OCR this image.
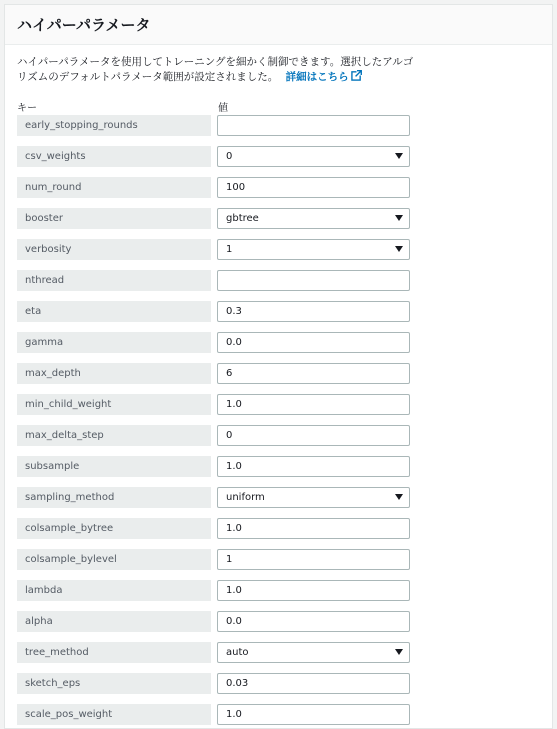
ハイパーパラメータ
ハイパーパラメータを使用してトレーニングを細かく制御できます。選択したアルゴリズムのデフォルトパラメータ範囲が設定されました。 詳細はこちら
キー	値
early_stopping_rounds
csv_weights	0
num_round	100
booster	gbtree
verbosity	1
nthread
eta	0.3
gamma	0.0
max_depth	6
min_child_weight	1.0
max_delta_step	0
subsample	1.0
sampling_method	uniform
colsample_bytree	1.0
colsample_bylevel	1
lambda	1.0
alpha	0.0
tree_method	auto
sketch_eps	0.03
scale_pos_weight	1.0
